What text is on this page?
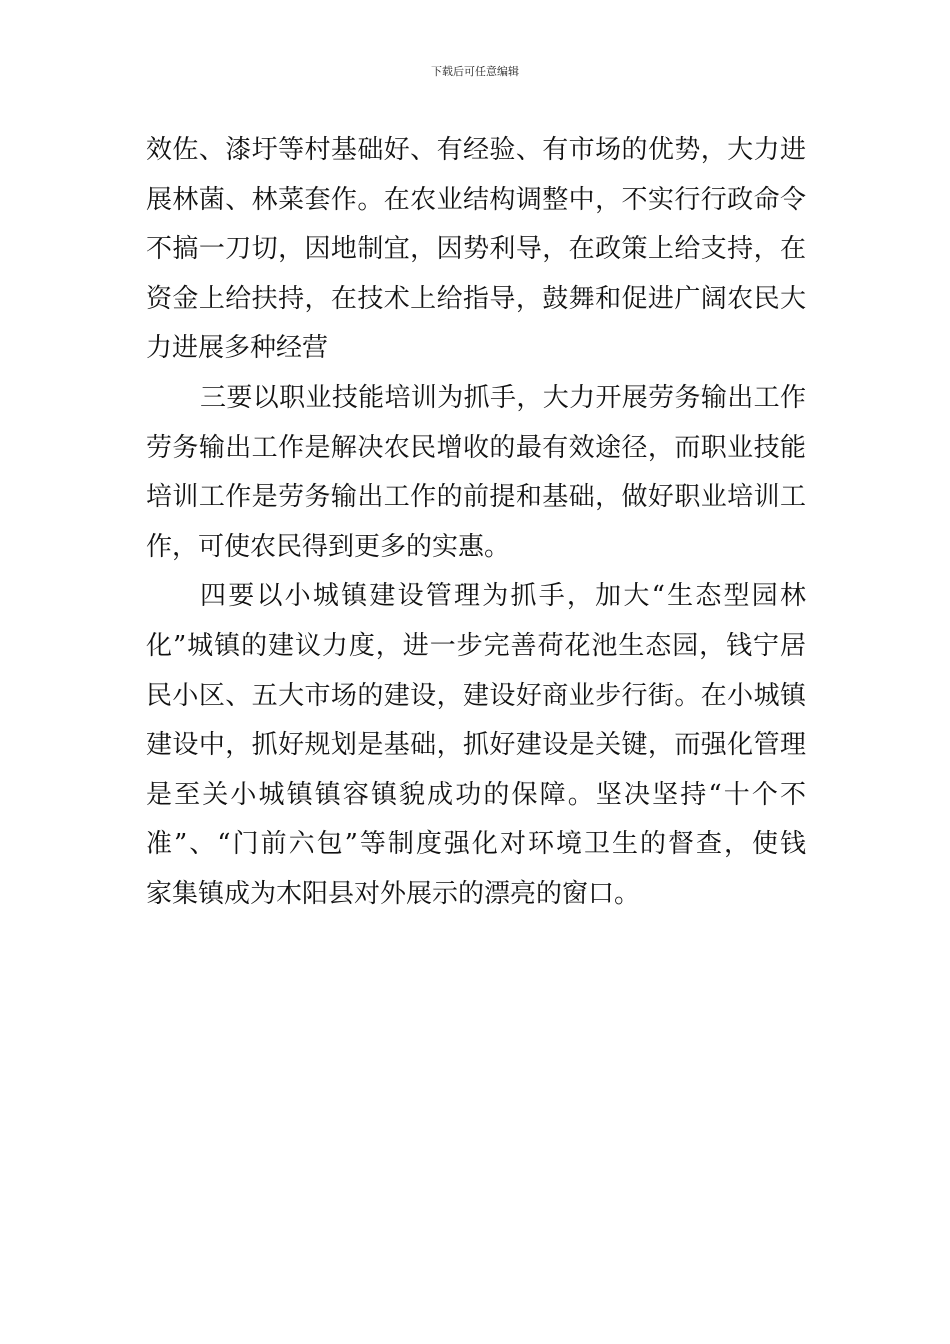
下载后可任意编辑
效佐、漆圩等村基础好、有经验、有市场的优势，大力进
展林菌、林菜套作。在农业结构调整中，不实行行政命令
不搞一刀切，因地制宜，因势利导，在政策上给支持，在
资金上给扶持，在技术上给指导，鼓舞和促进广阔农民大
力进展多种经营
三要以职业技能培训为抓手，大力开展劳务输出工作
劳务输出工作是解决农民增收的最有效途径，而职业技能
培训工作是劳务输出工作的前提和基础，做好职业培训工
作，可使农民得到更多的实惠。
四要以小城镇建设管理为抓手，加大“生态型园林
化”城镇的建议力度，进一步完善荷花池生态园，钱宁居
民小区、五大市场的建设，建设好商业步行街。在小城镇
建设中，抓好规划是基础，抓好建设是关键，而强化管理
是至关小城镇镇容镇貌成功的保障。坚决坚持“十个不
准”、“门前六包”等制度强化对环境卫生的督查，使钱
家集镇成为木阳县对外展示的漂亮的窗口。
